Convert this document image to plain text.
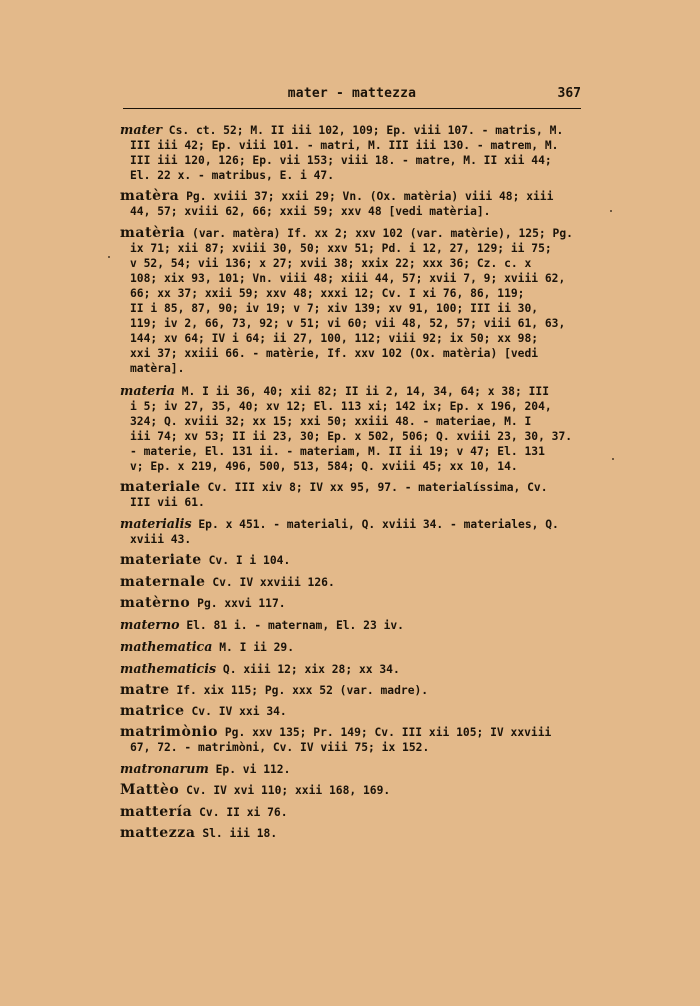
mater - mattezza	367
mater Cs. ct. 52; M. II iii 102, 109; Ep. viii 107. - matris, M.
III iii 42; Ep. viii 101. - matri, M. III iii 130. - matrem, M.
III iii 120, 126; Ep. vii 153; viii 18. - matre, M. II xii 44;
El. 22 x. - matribus, E. i 47.
matèra Pg. xviii 37; xxii 29; Vn. (Ox. matèria) viii 48; xiii
44, 57; xviii 62, 66; xxii 59; xxv 48 [vedi matèria].
matèria (var. matèra) If. xx 2; xxv 102 (var. matèrie), 125; Pg.
ix 71; xii 87; xviii 30, 50; xxv 51; Pd. i 12, 27, 129; ii 75;
v 52, 54; vii 136; x 27; xvii 38; xxix 22; xxx 36; Cz. c. x
108; xix 93, 101; Vn. viii 48; xiii 44, 57; xvii 7, 9; xviii 62,
66; xx 37; xxii 59; xxv 48; xxxi 12; Cv. I xi 76, 86, 119;
II i 85, 87, 90; iv 19; v 7; xiv 139; xv 91, 100; III ii 30,
119; iv 2, 66, 73, 92; v 51; vi 60; vii 48, 52, 57; viii 61, 63,
144; xv 64; IV i 64; ii 27, 100, 112; viii 92; ix 50; xx 98;
xxi 37; xxiii 66. - matèrie, If. xxv 102 (Ox. matèria) [vedi
matèra].
materia M. I ii 36, 40; xii 82; II ii 2, 14, 34, 64; x 38; III
i 5; iv 27, 35, 40; xv 12; El. 113 xi; 142 ix; Ep. x 196, 204,
324; Q. xviii 32; xx 15; xxi 50; xxiii 48. - materiae, M. I
iii 74; xv 53; II ii 23, 30; Ep. x 502, 506; Q. xviii 23, 30, 37.
- materie, El. 131 ii. - materiam, M. II ii 19; v 47; El. 131
v; Ep. x 219, 496, 500, 513, 584; Q. xviii 45; xx 10, 14.
materiale Cv. III xiv 8; IV xx 95, 97. - materialíssima, Cv.
III vii 61.
materialis Ep. x 451. - materiali, Q. xviii 34. - materiales, Q.
xviii 43.
materiate Cv. I i 104.
maternale Cv. IV xxviii 126.
matèrno Pg. xxvi 117.
materno El. 81 i. - maternam, El. 23 iv.
mathematica M. I ii 29.
mathematicis Q. xiii 12; xix 28; xx 34.
matre If. xix 115; Pg. xxx 52 (var. madre).
matrice Cv. IV xxi 34.
matrimònio Pg. xxv 135; Pr. 149; Cv. III xii 105; IV xxviii
67, 72. - matrimòni, Cv. IV viii 75; ix 152.
matronarum Ep. vi 112.
Mattèo Cv. IV xvi 110; xxii 168, 169.
mattería Cv. II xi 76.
mattezza Sl. iii 18.
